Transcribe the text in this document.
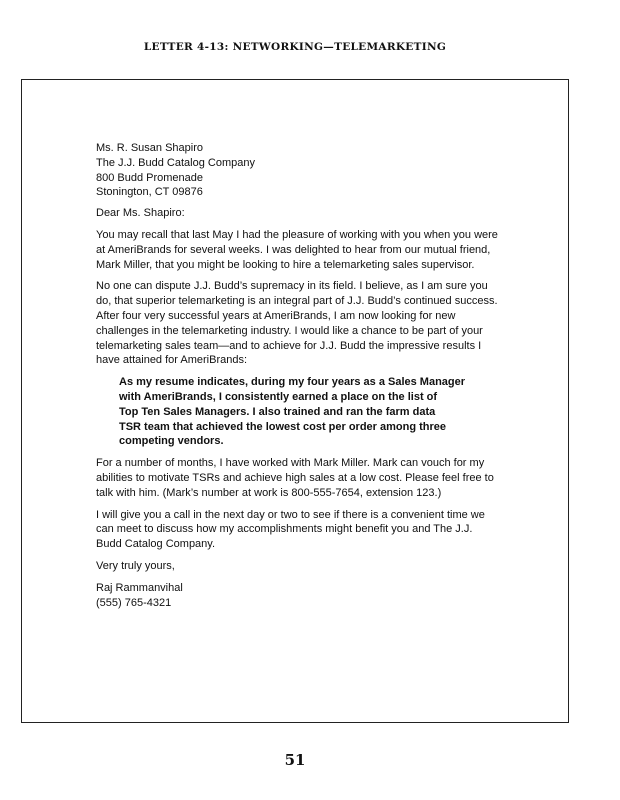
LETTER 4-13: NETWORKING—TELEMARKETING
Ms. R. Susan Shapiro
The J.J. Budd Catalog Company
800 Budd Promenade
Stonington, CT 09876

Dear Ms. Shapiro:

You may recall that last May I had the pleasure of working with you when you were at AmeriBrands for several weeks. I was delighted to hear from our mutual friend, Mark Miller, that you might be looking to hire a telemarketing sales supervisor.

No one can dispute J.J. Budd’s supremacy in its field. I believe, as I am sure you do, that superior telemarketing is an integral part of J.J. Budd’s continued success. After four very successful years at AmeriBrands, I am now looking for new challenges in the telemarketing industry. I would like a chance to be part of your telemarketing sales team—and to achieve for J.J. Budd the impressive results I have attained for AmeriBrands:

As my resume indicates, during my four years as a Sales Manager
with AmeriBrands, I consistently earned a place on the list of
Top Ten Sales Managers. I also trained and ran the farm data
TSR team that achieved the lowest cost per order among three
competing vendors.

For a number of months, I have worked with Mark Miller. Mark can vouch for my abilities to motivate TSRs and achieve high sales at a low cost. Please feel free to talk with him. (Mark’s number at work is 800-555-7654, extension 123.)

I will give you a call in the next day or two to see if there is a convenient time we can meet to discuss how my accomplishments might benefit you and The J.J. Budd Catalog Company.

Very truly yours,

Raj Rammanvihal
(555) 765-4321
51
